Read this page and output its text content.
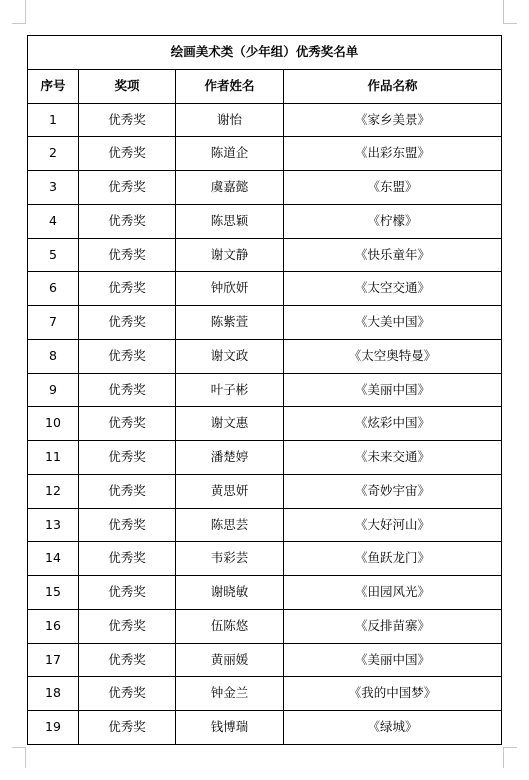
绘画美术类（少年组）优秀奖名单			
序号	奖项	作者姓名	作品名称
1	优秀奖	谢怡	《家乡美景》
2	优秀奖	陈道企	《出彩东盟》
3	优秀奖	虞嘉懿	《东盟》
4	优秀奖	陈思颖	《柠檬》
5	优秀奖	谢文静	《快乐童年》
6	优秀奖	钟欣妍	《太空交通》
7	优秀奖	陈紫萱	《大美中国》
8	优秀奖	谢文政	《太空奥特曼》
9	优秀奖	叶子彬	《美丽中国》
10	优秀奖	谢文惠	《炫彩中国》
11	优秀奖	潘楚婷	《未来交通》
12	优秀奖	黄思妍	《奇妙宇宙》
13	优秀奖	陈思芸	《大好河山》
14	优秀奖	韦彩芸	《鱼跃龙门》
15	优秀奖	谢晓敏	《田园风光》
16	优秀奖	伍陈悠	《反排苗寨》
17	优秀奖	黄丽媛	《美丽中国》
18	优秀奖	钟金兰	《我的中国梦》
19	优秀奖	钱博瑞	《绿城》
